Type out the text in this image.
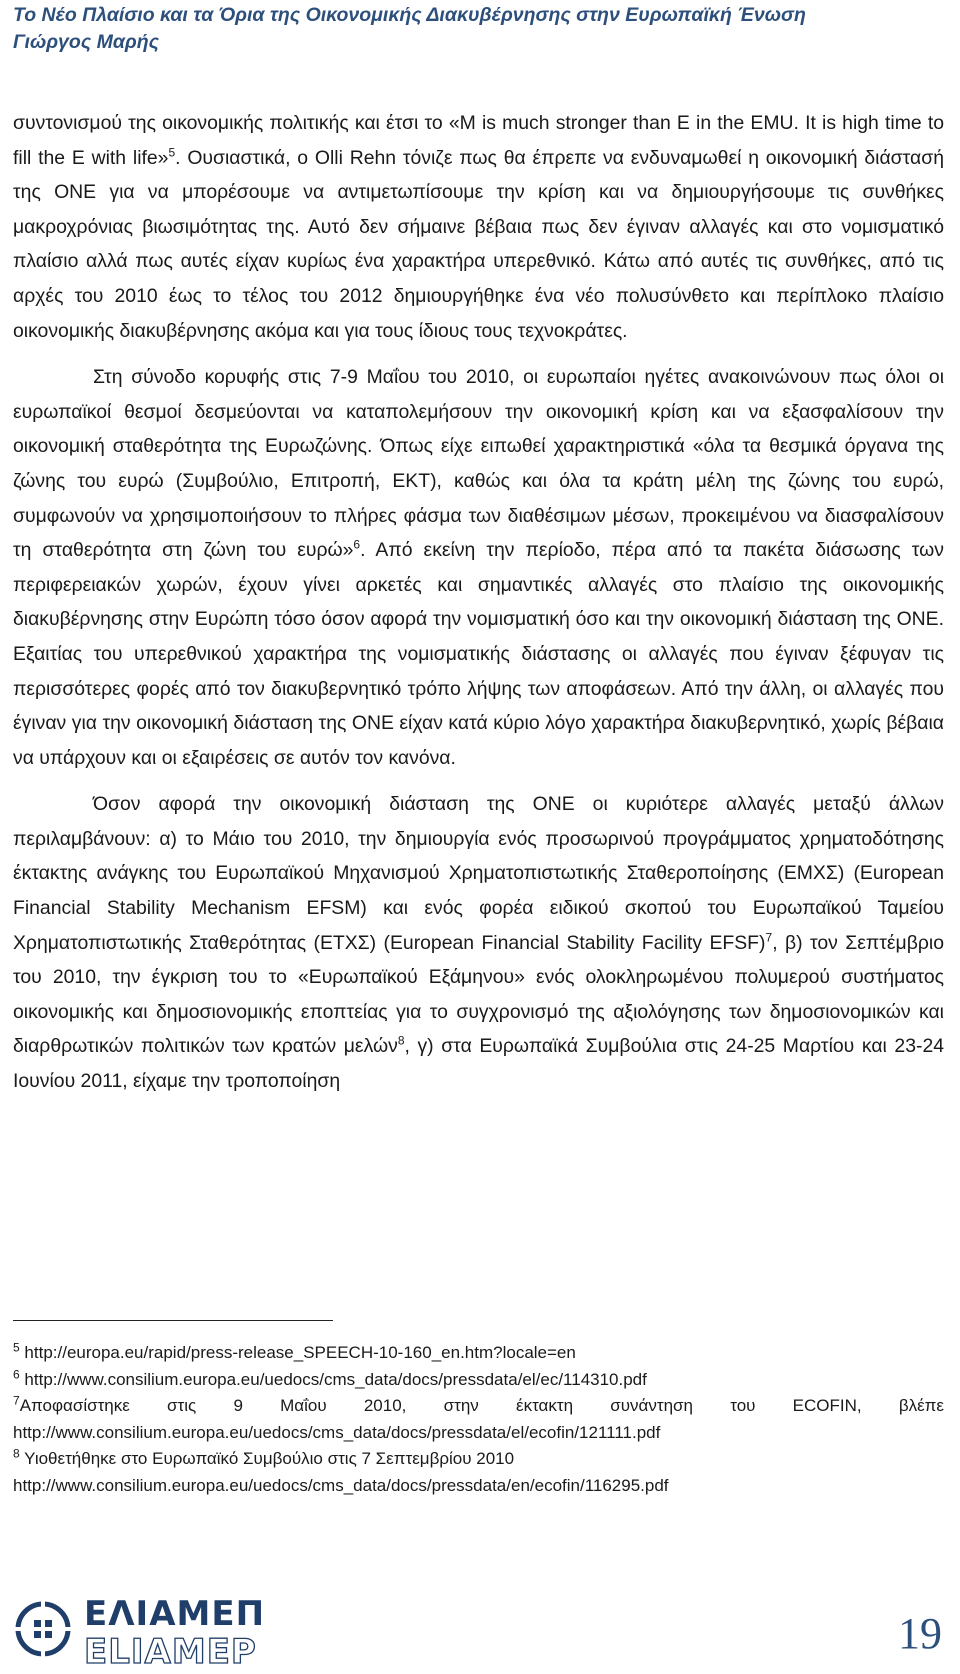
Το Νέο Πλαίσιο και τα Όρια της Οικονομικής Διακυβέρνησης στην Ευρωπαϊκή Ένωση
Γιώργος Μαρής

συντονισμού της οικονομικής πολιτικής και έτσι το «M is much stronger than E in the EMU. It is high time to fill the E with life»$^5$. Ουσιαστικά, ο Olli Rehn τόνιζε πως θα έπρεπε να ενδυναμωθεί η οικονομική διάστασή της ΟΝΕ για να μπορέσουμε να αντιμετωπίσουμε την κρίση και να δημιουργήσουμε τις συνθήκες μακροχρόνιας βιωσιμότητας της. Αυτό δεν σήμαινε βέβαια πως δεν έγιναν αλλαγές και στο νομισματικό πλαίσιο αλλά πως αυτές είχαν κυρίως ένα χαρακτήρα υπερεθνικό. Κάτω από αυτές τις συνθήκες, από τις αρχές του 2010 έως το τέλος του 2012 δημιουργήθηκε ένα νέο πολυσύνθετο και περίπλοκο πλαίσιο οικονομικής διακυβέρνησης ακόμα και για τους ίδιους τους τεχνοκράτες.

Στη σύνοδο κορυφής στις 7-9 Μαΐου του 2010, οι ευρωπαίοι ηγέτες ανακοινώνουν πως όλοι οι ευρωπαϊκοί θεσμοί δεσμεύονται να καταπολεμήσουν την οικονομική κρίση και να εξασφαλίσουν την οικονομική σταθερότητα της Ευρωζώνης. Όπως είχε ειπωθεί χαρακτηριστικά «όλα τα θεσμικά όργανα της ζώνης του ευρώ (Συμβούλιο, Επιτροπή, ΕΚΤ), καθώς και όλα τα κράτη μέλη της ζώνης του ευρώ, συμφωνούν να χρησιμοποιήσουν το πλήρες φάσμα των διαθέσιμων μέσων, προκειμένου να διασφαλίσουν τη σταθερότητα στη ζώνη του ευρώ»$^6$. Από εκείνη την περίοδο, πέρα από τα πακέτα διάσωσης των περιφερειακών χωρών, έχουν γίνει αρκετές και σημαντικές αλλαγές στο πλαίσιο της οικονομικής διακυβέρνησης στην Ευρώπη τόσο όσον αφορά την νομισματική όσο και την οικονομική διάσταση της ΟΝΕ. Εξαιτίας του υπερεθνικού χαρακτήρα της νομισματικής διάστασης οι αλλαγές που έγιναν ξέφυγαν τις περισσότερες φορές από τον διακυβερνητικό τρόπο λήψης των αποφάσεων. Από την άλλη, οι αλλαγές που έγιναν για την οικονομική διάσταση της ΟΝΕ είχαν κατά κύριο λόγο χαρακτήρα διακυβερνητικό, χωρίς βέβαια να υπάρχουν και οι εξαιρέσεις σε αυτόν τον κανόνα.

Όσον αφορά την οικονομική διάσταση της ΟΝΕ οι κυριότερε αλλαγές μεταξύ άλλων περιλαμβάνουν: α) το Μάιο του 2010, την δημιουργία ενός προσωρινού προγράμματος χρηματοδότησης έκτακτης ανάγκης του Ευρωπαϊκού Μηχανισμού Χρηματοπιστωτικής Σταθεροποίησης (ΕΜΧΣ) (European Financial Stability Mechanism EFSM) και ενός φορέα ειδικού σκοπού του Ευρωπαϊκού Ταμείου Χρηματοπιστωτικής Σταθερότητας (ΕΤΧΣ) (European Financial Stability Facility EFSF)$^7$, β) τον Σεπτέμβριο του 2010, την έγκριση του το «Ευρωπαϊκού Εξάμηνου» ενός ολοκληρωμένου πολυμερού συστήματος οικονομικής και δημοσιονομικής εποπτείας για το συγχρονισμό της αξιολόγησης των δημοσιονομικών και διαρθρωτικών πολιτικών των κρατών μελών$^8$, γ) στα Ευρωπαϊκά Συμβούλια στις 24-25 Μαρτίου και 23-24 Ιουνίου 2011, είχαμε την τροποποίηση

$^5$ http://europa.eu/rapid/press-release_SPEECH-10-160_en.htm?locale=en
$^6$ http://www.consilium.europa.eu/uedocs/cms_data/docs/pressdata/el/ec/114310.pdf
$^7$Αποφασίστηκε στις 9 Μαΐου 2010, στην έκτακτη συνάντηση του ECOFIN, βλέπε
http://www.consilium.europa.eu/uedocs/cms_data/docs/pressdata/el/ecofin/121111.pdf
$^8$ Υιοθετήθηκε στο Ευρωπαϊκό Συμβούλιο στις 7 Σεπτεμβρίου 2010
http://www.consilium.europa.eu/uedocs/cms_data/docs/pressdata/en/ecofin/116295.pdf
ΕΛΙΑΜΕΠ
ELIAMEP	19
